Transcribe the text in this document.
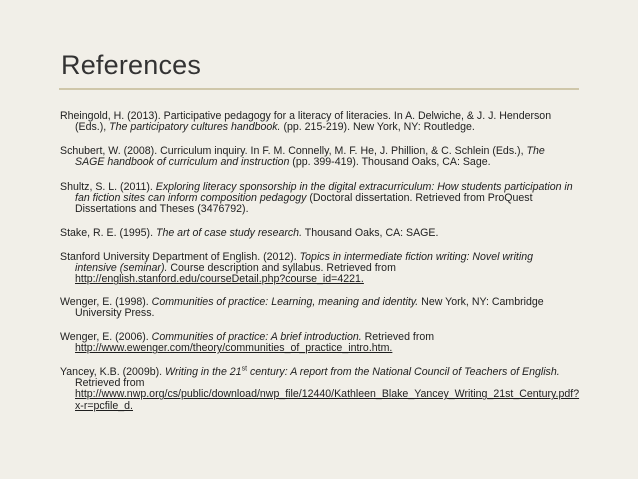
References

Rheingold, H. (2013). Participative pedagogy for a literacy of literacies. In A. Delwiche, & J. J. Henderson (Eds.), The participatory cultures handbook. (pp. 215-219). New York, NY: Routledge.

Schubert, W. (2008). Curriculum inquiry. In F. M. Connelly, M. F. He, J. Phillion, & C. Schlein (Eds.), The SAGE handbook of curriculum and instruction (pp. 399-419). Thousand Oaks, CA: Sage.

Shultz, S. L. (2011). Exploring literacy sponsorship in the digital extracurriculum: How students participation in fan fiction sites can inform composition pedagogy (Doctoral dissertation. Retrieved from ProQuest Dissertations and Theses (3476792).

Stake, R. E. (1995). The art of case study research. Thousand Oaks, CA: SAGE.

Stanford University Department of English. (2012). Topics in intermediate fiction writing: Novel writing intensive (seminar). Course description and syllabus. Retrieved from http://english.stanford.edu/courseDetail.php?course_id=4221.

Wenger, E. (1998). Communities of practice: Learning, meaning and identity. New York, NY: Cambridge University Press.

Wenger, E. (2006). Communities of practice: A brief introduction. Retrieved from http://www.ewenger.com/theory/communities_of_practice_intro.htm.

Yancey, K.B. (2009b). Writing in the 21st century: A report from the National Council of Teachers of English. Retrieved from http://www.nwp.org/cs/public/download/nwp_file/12440/Kathleen_Blake_Yancey_Writing_21st_Century.pdf?x-r=pcfile_d.
